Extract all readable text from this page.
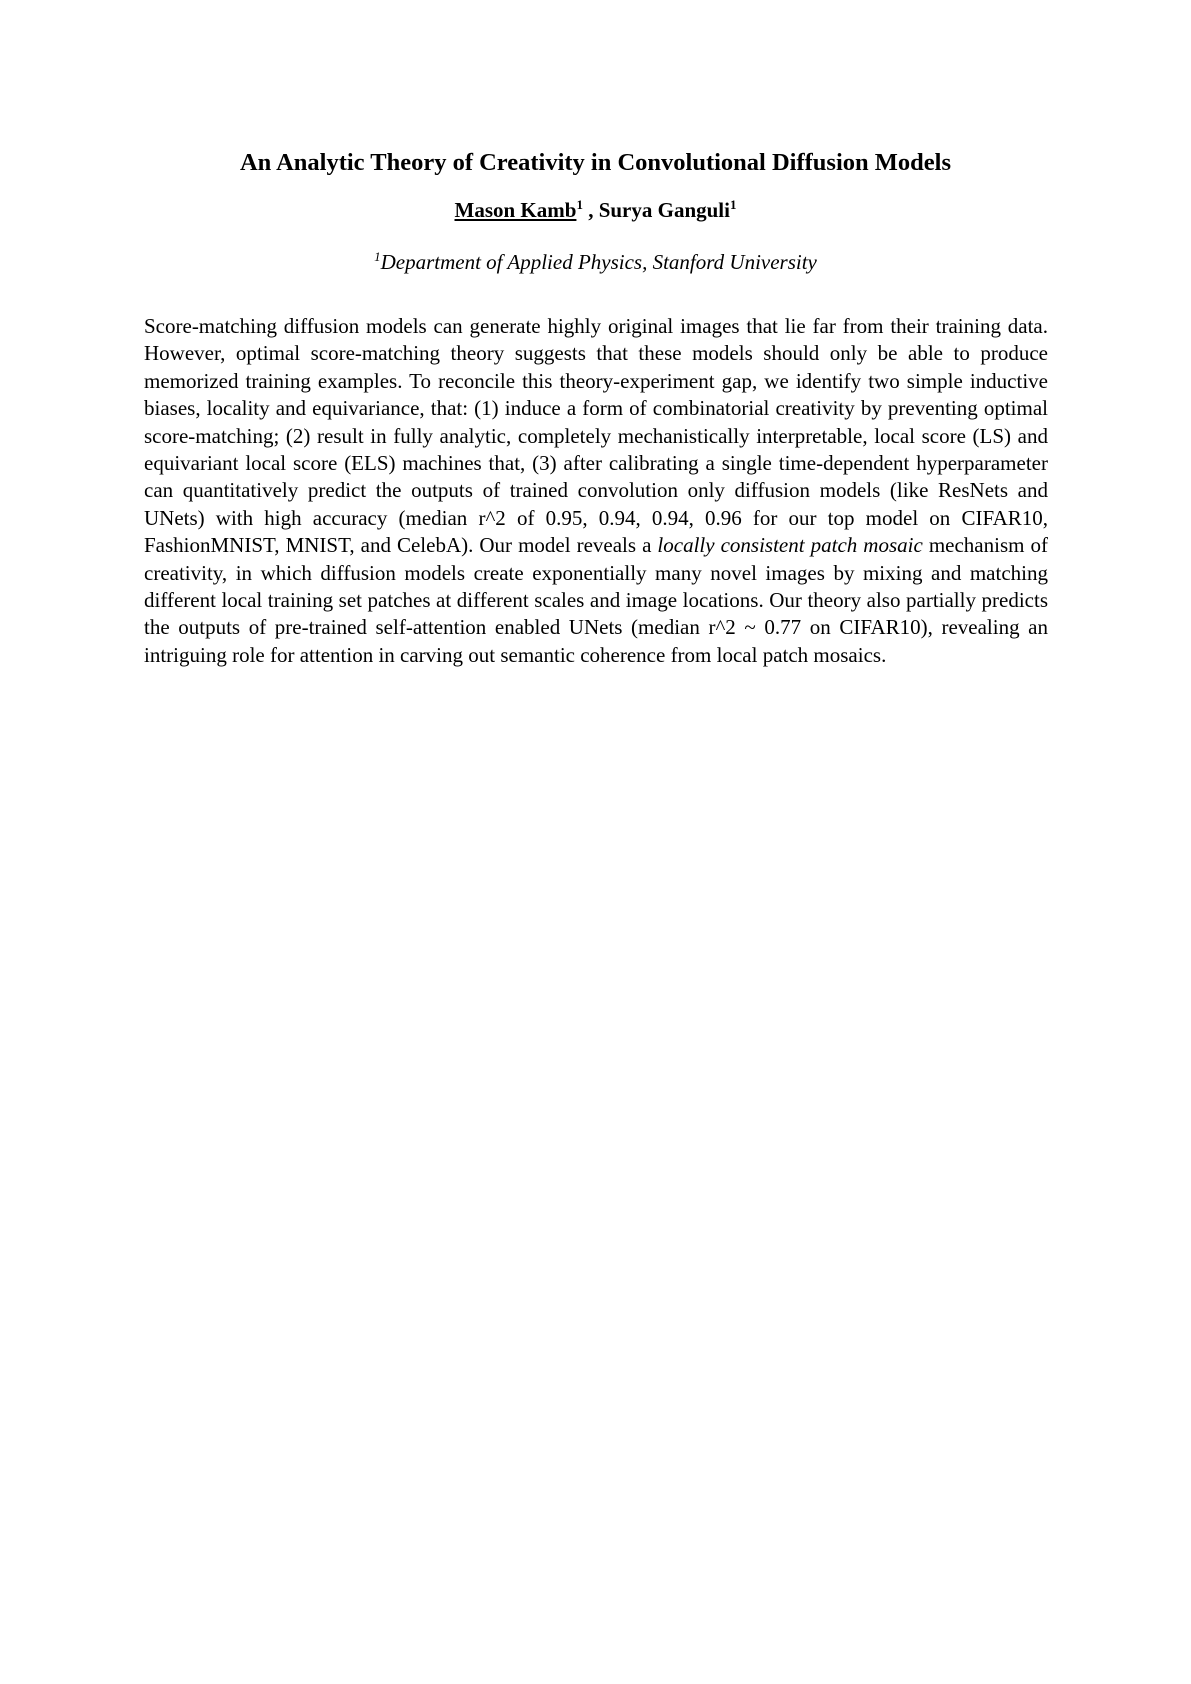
An Analytic Theory of Creativity in Convolutional Diffusion Models
Mason Kamb$^1$ , Surya Ganguli$^1$
$^1$Department of Applied Physics, Stanford University

Score-matching diffusion models can generate highly original images that lie far from their training data. However, optimal score-matching theory suggests that these models should only be able to produce memorized training examples. To reconcile this theory-experiment gap, we identify two simple inductive biases, locality and equivariance, that: (1) induce a form of combinatorial creativity by preventing optimal score-matching; (2) result in fully analytic, completely mechanistically interpretable, local score (LS) and equivariant local score (ELS) machines that, (3) after calibrating a single time-dependent hyperparameter can quantitatively predict the outputs of trained convolution only diffusion models (like ResNets and UNets) with high accuracy (median r^2 of 0.95, 0.94, 0.94, 0.96 for our top model on CIFAR10, FashionMNIST, MNIST, and CelebA). Our model reveals a locally consistent patch mosaic mechanism of creativity, in which diffusion models create exponentially many novel images by mixing and matching different local training set patches at different scales and image locations. Our theory also partially predicts the outputs of pre-trained self-attention enabled UNets (median r^2 ~ 0.77 on CIFAR10), revealing an intriguing role for attention in carving out semantic coherence from local patch mosaics.
